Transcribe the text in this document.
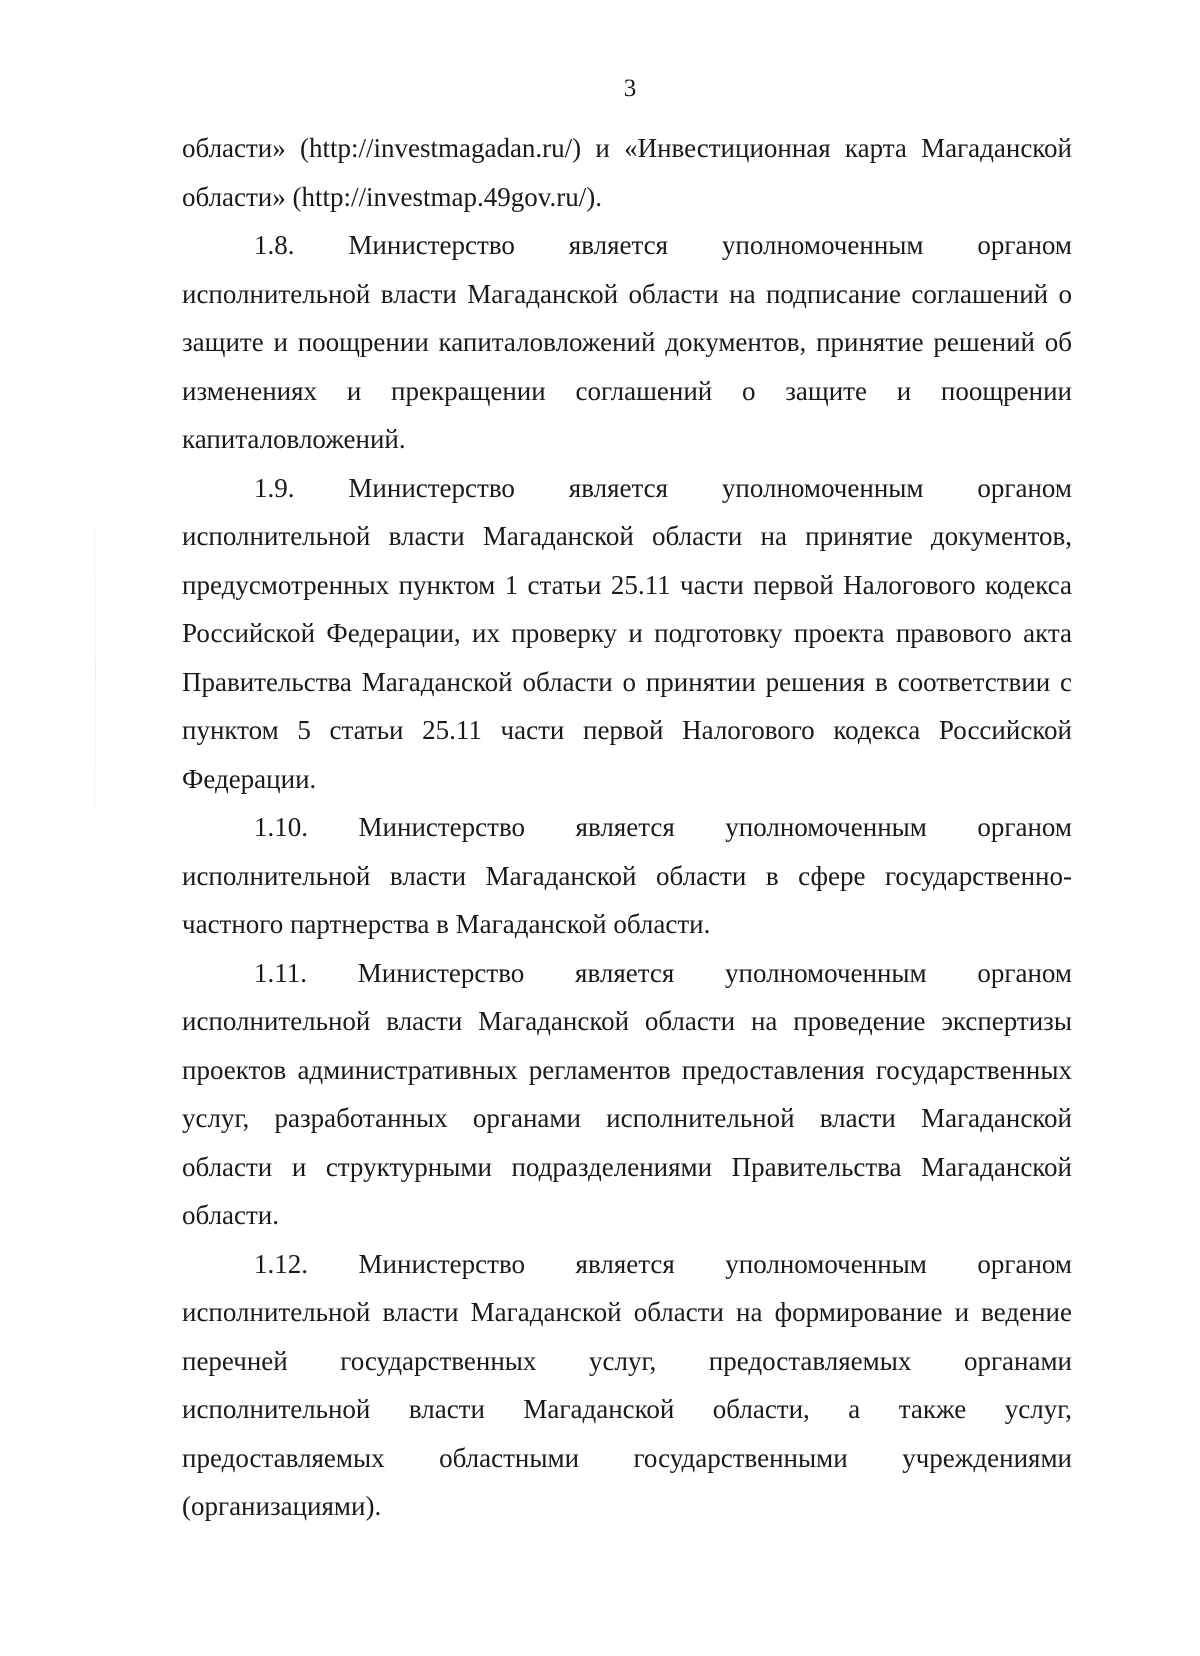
3

области» (http://investmagadan.ru/) и «Инвестиционная карта Магаданской области» (http://investmap.49gov.ru/).

1.8. Министерство является уполномоченным органом исполнительной власти Магаданской области на подписание соглашений о защите и поощрении капиталовложений документов, принятие решений об изменениях и прекращении соглашений о защите и поощрении капиталовложений.

1.9. Министерство является уполномоченным органом исполнительной власти Магаданской области на принятие документов, предусмотренных пунктом 1 статьи 25.11 части первой Налогового кодекса Российской Федерации, их проверку и подготовку проекта правового акта Правительства Магаданской области о принятии решения в соответствии с пунктом 5 статьи 25.11 части первой Налогового кодекса Российской Федерации.

1.10. Министерство является уполномоченным органом исполнительной власти Магаданской области в сфере государственно-частного партнерства в Магаданской области.

1.11. Министерство является уполномоченным органом исполнительной власти Магаданской области на проведение экспертизы проектов административных регламентов предоставления государственных услуг, разработанных органами исполнительной власти Магаданской области и структурными подразделениями Правительства Магаданской области.

1.12. Министерство является уполномоченным органом исполнительной власти Магаданской области на формирование и ведение перечней государственных услуг, предоставляемых органами исполнительной власти Магаданской области, а также услуг, предоставляемых областными государственными учреждениями (организациями).
